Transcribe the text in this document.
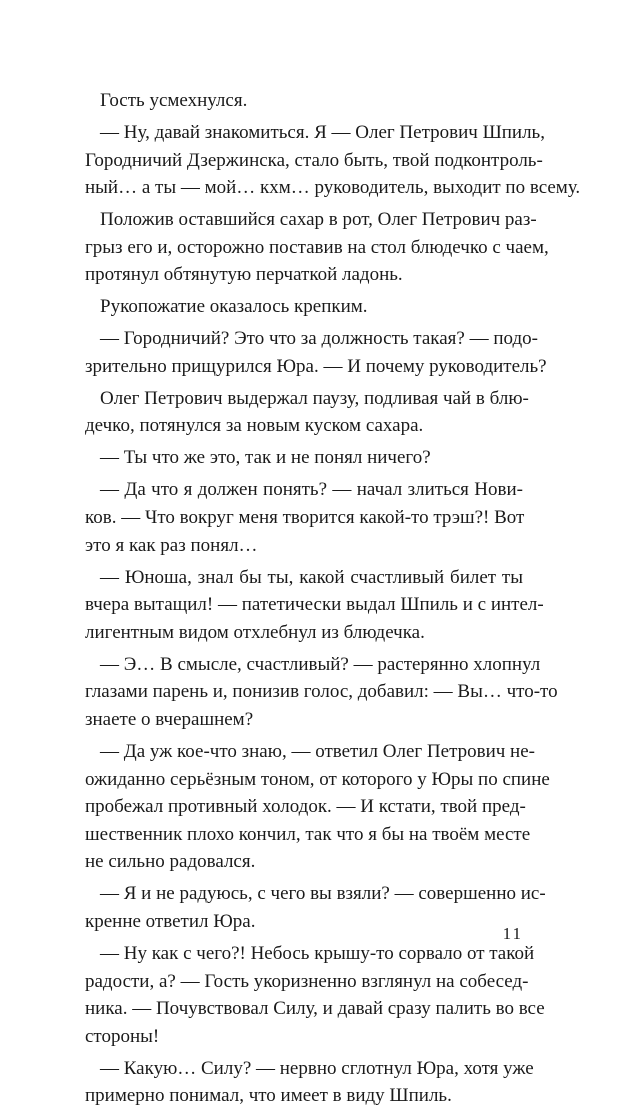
Гость усмехнулся.
— Ну, давай знакомиться. Я — Олег Петрович Шпиль,
Городничий Дзержинска, стало быть, твой подконтроль-
ный… а ты — мой… кхм… руководитель, выходит по всему.
Положив оставшийся сахар в рот, Олег Петрович раз-
грыз его и, осторожно поставив на стол блюдечко с чаем,
протянул обтянутую перчаткой ладонь.
Рукопожатие оказалось крепким.
— Городничий? Это что за должность такая? — подо-
зрительно прищурился Юра. — И почему руководитель?
Олег Петрович выдержал паузу, подливая чай в блю-
дечко, потянулся за новым куском сахара.
— Ты что же это, так и не понял ничего?
— Да что я должен понять? — начал злиться Нови-
ков. — Что вокруг меня творится какой-то трэш?! Вот
это я как раз понял…
— Юноша, знал бы ты, какой счастливый билет ты
вчера вытащил! — патетически выдал Шпиль и с интел-
лигентным видом отхлебнул из блюдечка.
— Э… В смысле, счастливый? — растерянно хлопнул
глазами парень и, понизив голос, добавил: — Вы… что-то
знаете о вчерашнем?
— Да уж кое-что знаю, — ответил Олег Петрович не-
ожиданно серьёзным тоном, от которого у Юры по спине
пробежал противный холодок. — И кстати, твой пред-
шественник плохо кончил, так что я бы на твоём месте
не сильно радовался.
— Я и не радуюсь, с чего вы взяли? — совершенно ис-
кренне ответил Юра.
— Ну как с чего?! Небось крышу-то сорвало от такой
радости, а? — Гость укоризненно взглянул на собесед-
ника. — Почувствовал Силу, и давай сразу палить во все
стороны!
— Какую… Силу? — нервно сглотнул Юра, хотя уже
примерно понимал, что имеет в виду Шпиль.
11
